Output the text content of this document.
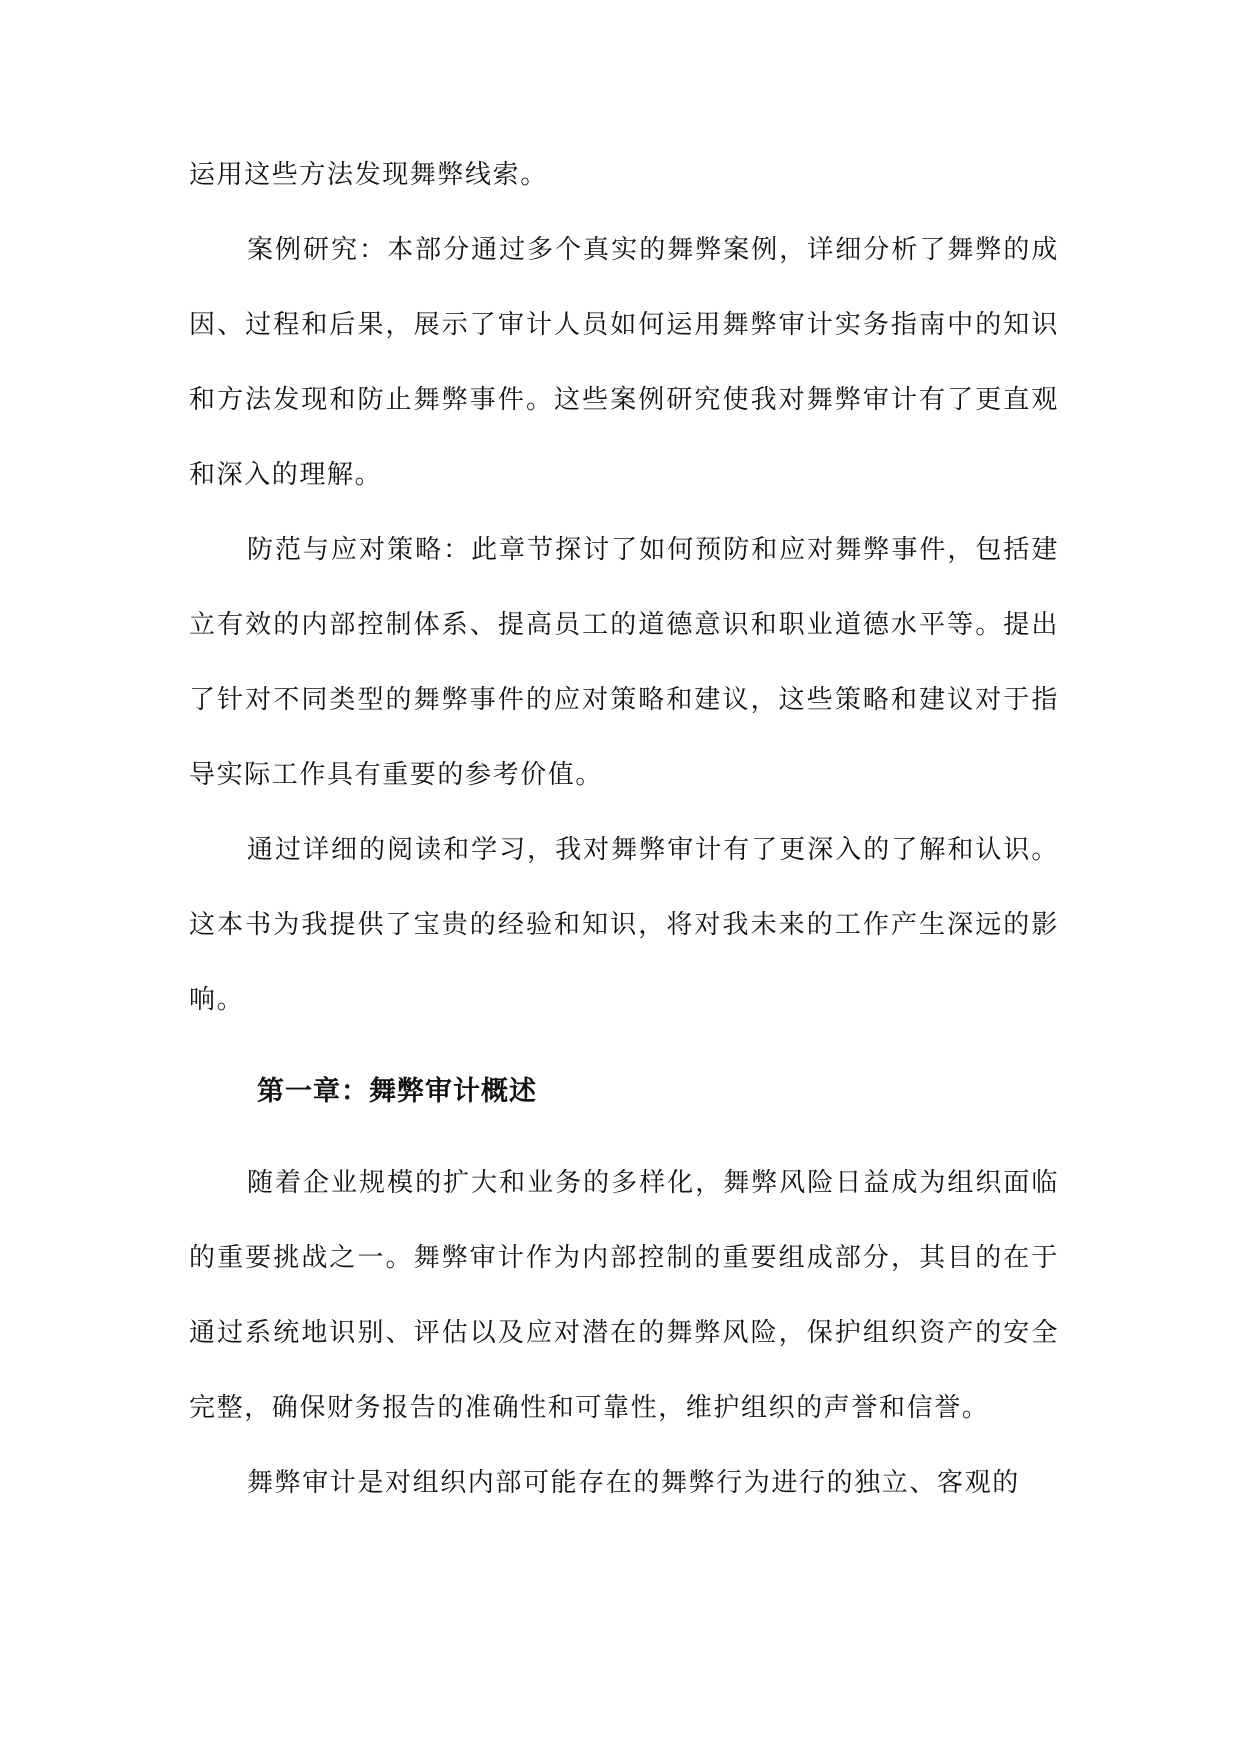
运用这些方法发现舞弊线索。

案例研究：本部分通过多个真实的舞弊案例，详细分析了舞弊的成因、过程和后果，展示了审计人员如何运用舞弊审计实务指南中的知识和方法发现和防止舞弊事件。这些案例研究使我对舞弊审计有了更直观和深入的理解。

防范与应对策略：此章节探讨了如何预防和应对舞弊事件，包括建立有效的内部控制体系、提高员工的道德意识和职业道德水平等。提出了针对不同类型的舞弊事件的应对策略和建议，这些策略和建议对于指导实际工作具有重要的参考价值。

通过详细的阅读和学习，我对舞弊审计有了更深入的了解和认识。这本书为我提供了宝贵的经验和知识，将对我未来的工作产生深远的影响。

第一章：舞弊审计概述

随着企业规模的扩大和业务的多样化，舞弊风险日益成为组织面临的重要挑战之一。舞弊审计作为内部控制的重要组成部分，其目的在于通过系统地识别、评估以及应对潜在的舞弊风险，保护组织资产的安全完整，确保财务报告的准确性和可靠性，维护组织的声誉和信誉。

舞弊审计是对组织内部可能存在的舞弊行为进行的独立、客观的
